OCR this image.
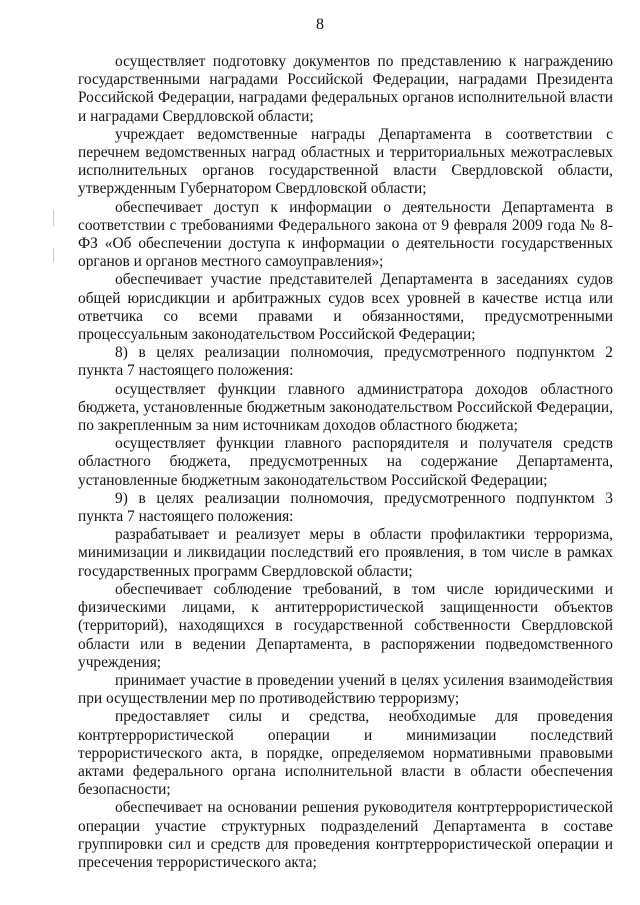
8

осуществляет подготовку документов по представлению к награждению государственными наградами Российской Федерации, наградами Президента Российской Федерации, наградами федеральных органов исполнительной власти и наградами Свердловской области;

учреждает ведомственные награды Департамента в соответствии с перечнем ведомственных наград областных и территориальных межотраслевых исполнительных органов государственной власти Свердловской области, утвержденным Губернатором Свердловской области;

обеспечивает доступ к информации о деятельности Департамента в соответствии с требованиями Федерального закона от 9 февраля 2009 года № 8-ФЗ «Об обеспечении доступа к информации о деятельности государственных органов и органов местного самоуправления»;

обеспечивает участие представителей Департамента в заседаниях судов общей юрисдикции и арбитражных судов всех уровней в качестве истца или ответчика со всеми правами и обязанностями, предусмотренными процессуальным законодательством Российской Федерации;

8) в целях реализации полномочия, предусмотренного подпунктом 2 пункта 7 настоящего положения:

осуществляет функции главного администратора доходов областного бюджета, установленные бюджетным законодательством Российской Федерации, по закрепленным за ним источникам доходов областного бюджета;

осуществляет функции главного распорядителя и получателя средств областного бюджета, предусмотренных на содержание Департамента, установленные бюджетным законодательством Российской Федерации;

9) в целях реализации полномочия, предусмотренного подпунктом 3 пункта 7 настоящего положения:

разрабатывает и реализует меры в области профилактики терроризма, минимизации и ликвидации последствий его проявления, в том числе в рамках государственных программ Свердловской области;

обеспечивает соблюдение требований, в том числе юридическими и физическими лицами, к антитеррористической защищенности объектов (территорий), находящихся в государственной собственности Свердловской области или в ведении Департамента, в распоряжении подведомственного учреждения;

принимает участие в проведении учений в целях усиления взаимодействия при осуществлении мер по противодействию терроризму;

предоставляет силы и средства, необходимые для проведения контртеррористической операции и минимизации последствий террористического акта, в порядке, определяемом нормативными правовыми актами федерального органа исполнительной власти в области обеспечения безопасности;

обеспечивает на основании решения руководителя контртеррористической операции участие структурных подразделений Департамента в составе группировки сил и средств для проведения контртеррористической операции и пресечения террористического акта;
